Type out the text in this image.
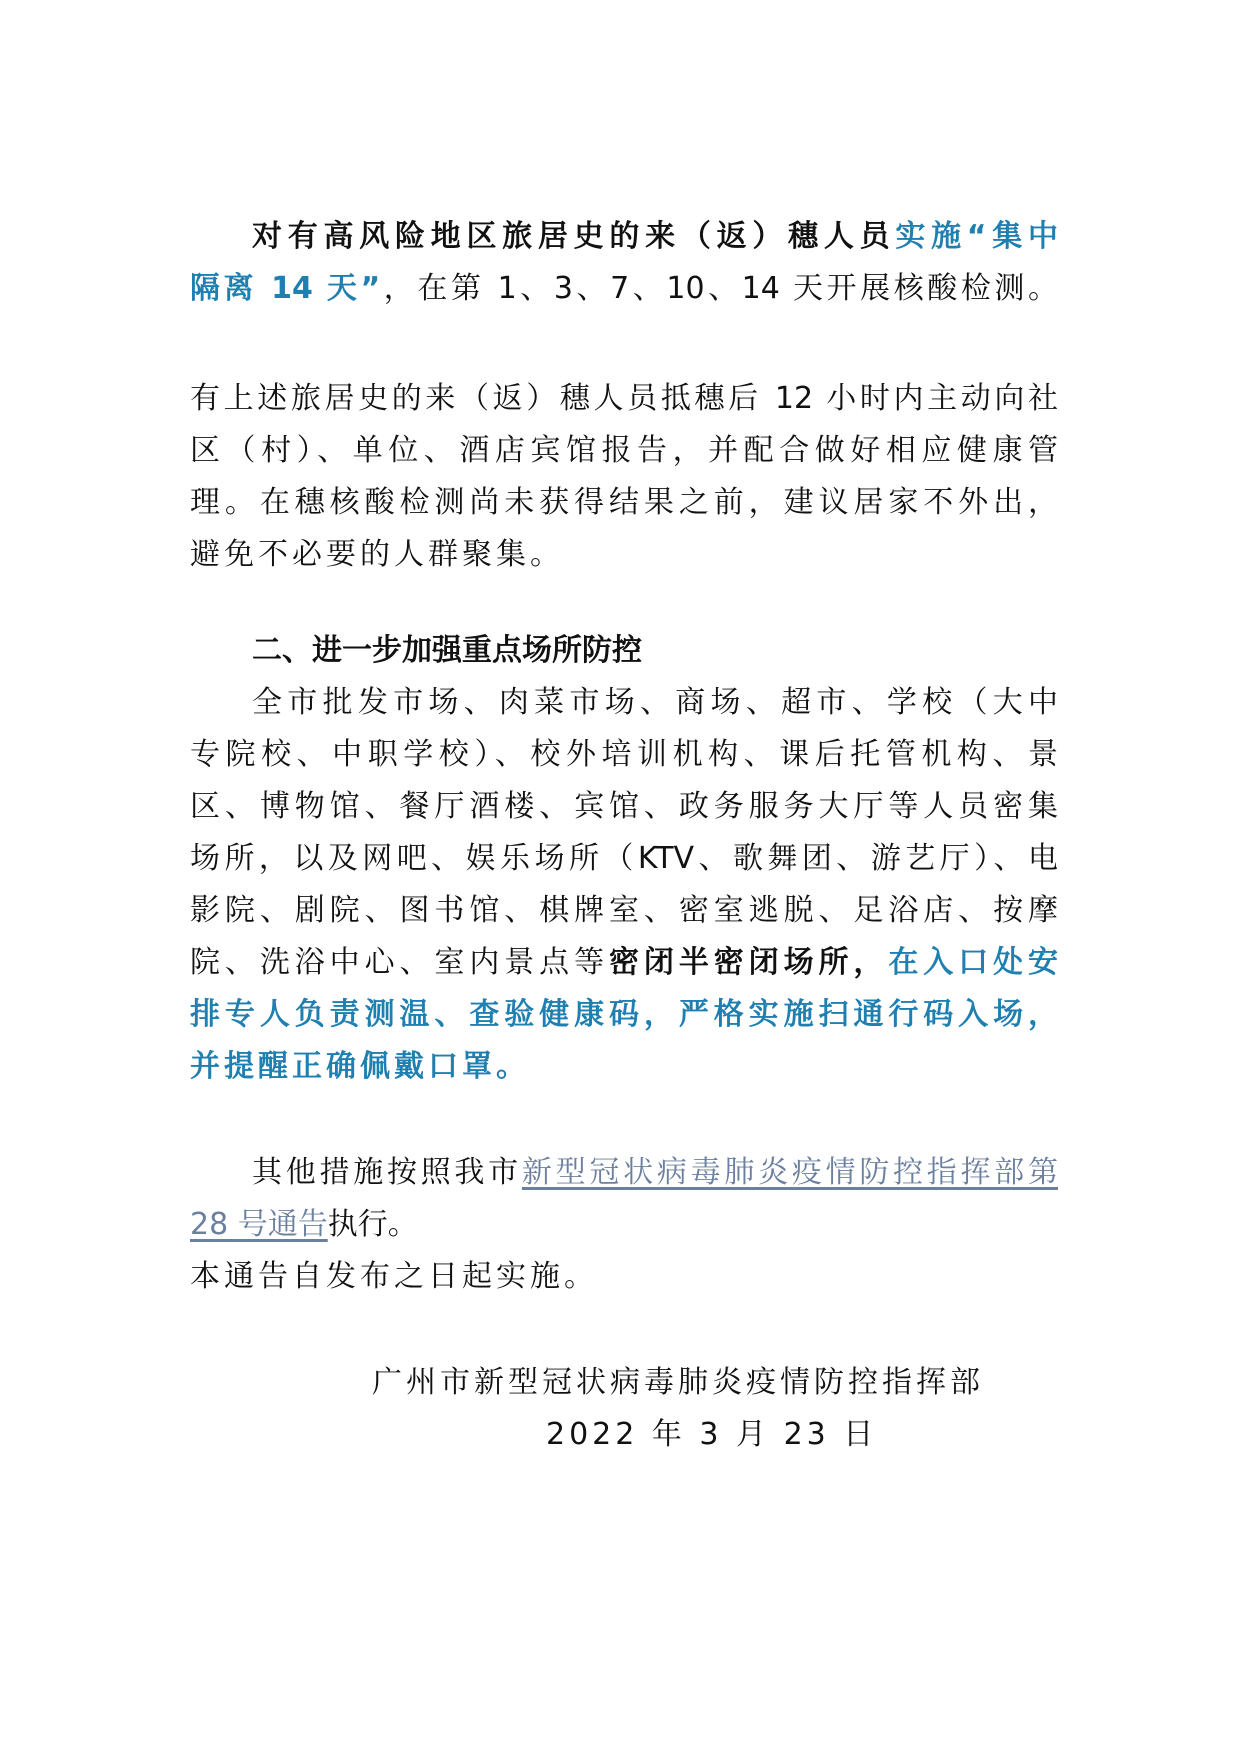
对有高风险地区旅居史的来（返）穗人员实施“集中
隔离 14 天”，在第 1、3、7、10、14 天开展核酸检测。
有上述旅居史的来（返）穗人员抵穗后 12 小时内主动向社
区（村）、单位、酒店宾馆报告，并配合做好相应健康管
理。在穗核酸检测尚未获得结果之前，建议居家不外出，
避免不必要的人群聚集。
二、进一步加强重点场所防控
全市批发市场、肉菜市场、商场、超市、学校（大中
专院校、中职学校）、校外培训机构、课后托管机构、景
区、博物馆、餐厅酒楼、宾馆、政务服务大厅等人员密集
场所，以及网吧、娱乐场所（KTV、歌舞团、游艺厅）、电
影院、剧院、图书馆、棋牌室、密室逃脱、足浴店、按摩
院、洗浴中心、室内景点等密闭半密闭场所，在入口处安
排专人负责测温、查验健康码，严格实施扫通行码入场，
并提醒正确佩戴口罩。
其他措施按照我市新型冠状病毒肺炎疫情防控指挥部第
28 号通告执行。
本通告自发布之日起实施。
广州市新型冠状病毒肺炎疫情防控指挥部
2022 年 3 月 23 日
